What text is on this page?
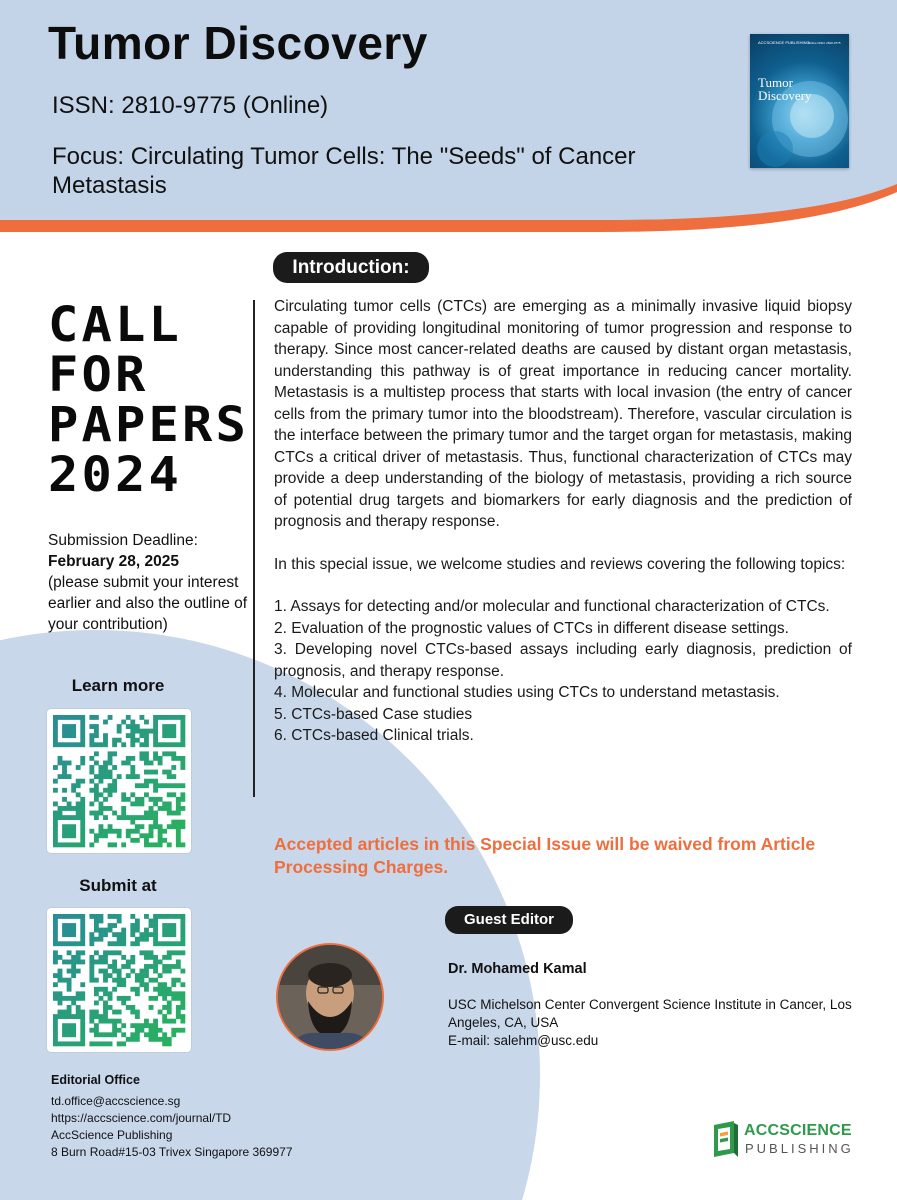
Tumor Discovery
ISSN: 2810-9775 (Online)
Focus: Circulating Tumor Cells: The "Seeds" of Cancer Metastasis
ACCSCIENCE PUBLISHING
Online ISSN: 2810-9775
Tumor Discovery
Introduction:
CALL
FOR
PAPERS
2024
Submission Deadline:
February 28, 2025
(please submit your interest earlier and also the outline of your contribution)

Circulating tumor cells (CTCs) are emerging as a minimally invasive liquid biopsy capable of providing longitudinal monitoring of tumor progression and response to therapy. Since most cancer-related deaths are caused by distant organ metastasis, understanding this pathway is of great importance in reducing cancer mortality. Metastasis is a multistep process that starts with local invasion (the entry of cancer cells from the primary tumor into the bloodstream). Therefore, vascular circulation is the interface between the primary tumor and the target organ for metastasis, making CTCs a critical driver of metastasis. Thus, functional characterization of CTCs may provide a deep understanding of the biology of metastasis, providing a rich source of potential drug targets and biomarkers for early diagnosis and the prediction of prognosis and therapy response.

In this special issue, we welcome studies and reviews covering the following topics:

1. Assays for detecting and/or molecular and functional characterization of CTCs.
2. Evaluation of the prognostic values of CTCs in different disease settings.
3. Developing novel CTCs-based assays including early diagnosis, prediction of prognosis, and therapy response.
4. Molecular and functional studies using CTCs to understand metastasis.
5. CTCs-based Case studies
6. CTCs-based Clinical trials.
Accepted articles in this Special Issue will be waived from Article Processing Charges.
Learn more
Submit at
Guest Editor
Dr. Mohamed Kamal
USC Michelson Center Convergent Science Institute in Cancer, Los Angeles, CA, USA
E-mail: salehm@usc.edu
Editorial Office
td.office@accscience.sg
https://accscience.com/journal/TD
AccScience Publishing
8 Burn Road#15-03 Trivex Singapore 369977
ACCSCIENCE
PUBLISHING
